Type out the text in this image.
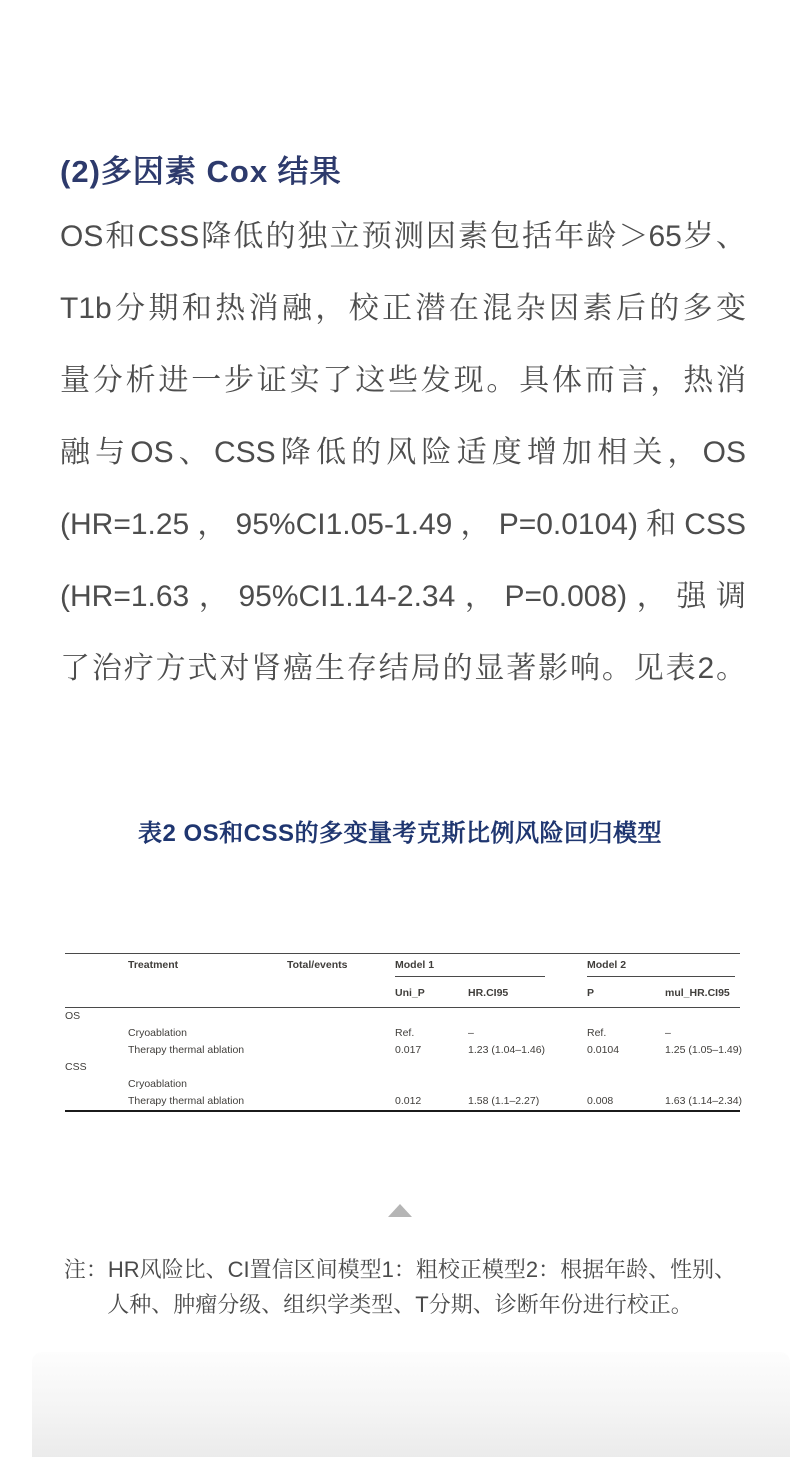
(2)多因素 Cox 结果
OS和CSS降低的独立预测因素包括年龄＞65岁、
T1b分期和热消融，校正潜在混杂因素后的多变
量分析进一步证实了这些发现。具体而言，热消
融与OS、CSS降低的风险适度增加相关，OS
(HR=1.25，95%CI1.05-1.49，P=0.0104)和CSS
(HR=1.63，95%CI1.14-2.34，P=0.008)，强调
了治疗方式对肾癌生存结局的显著影响。见表2。
表2 OS和CSS的多变量考克斯比例风险回归模型
	Treatment	Total/events	Model 1		Model 2	

			Uni_P	HR.CI95	P	mul_HR.CI95
OS						
	Cryoablation		Ref.	–	Ref.	–
	Therapy thermal ablation		0.017	1.23 (1.04–1.46)	0.0104	1.25 (1.05–1.49)
CSS						
	Cryoablation					
	Therapy thermal ablation		0.012	1.58 (1.1–2.27)	0.008	1.63 (1.14–2.34)
注：HR风险比、CI置信区间模型1：粗校正模型2：根据年龄、性别、
人种、肿瘤分级、组织学类型、T分期、诊断年份进行校正。
